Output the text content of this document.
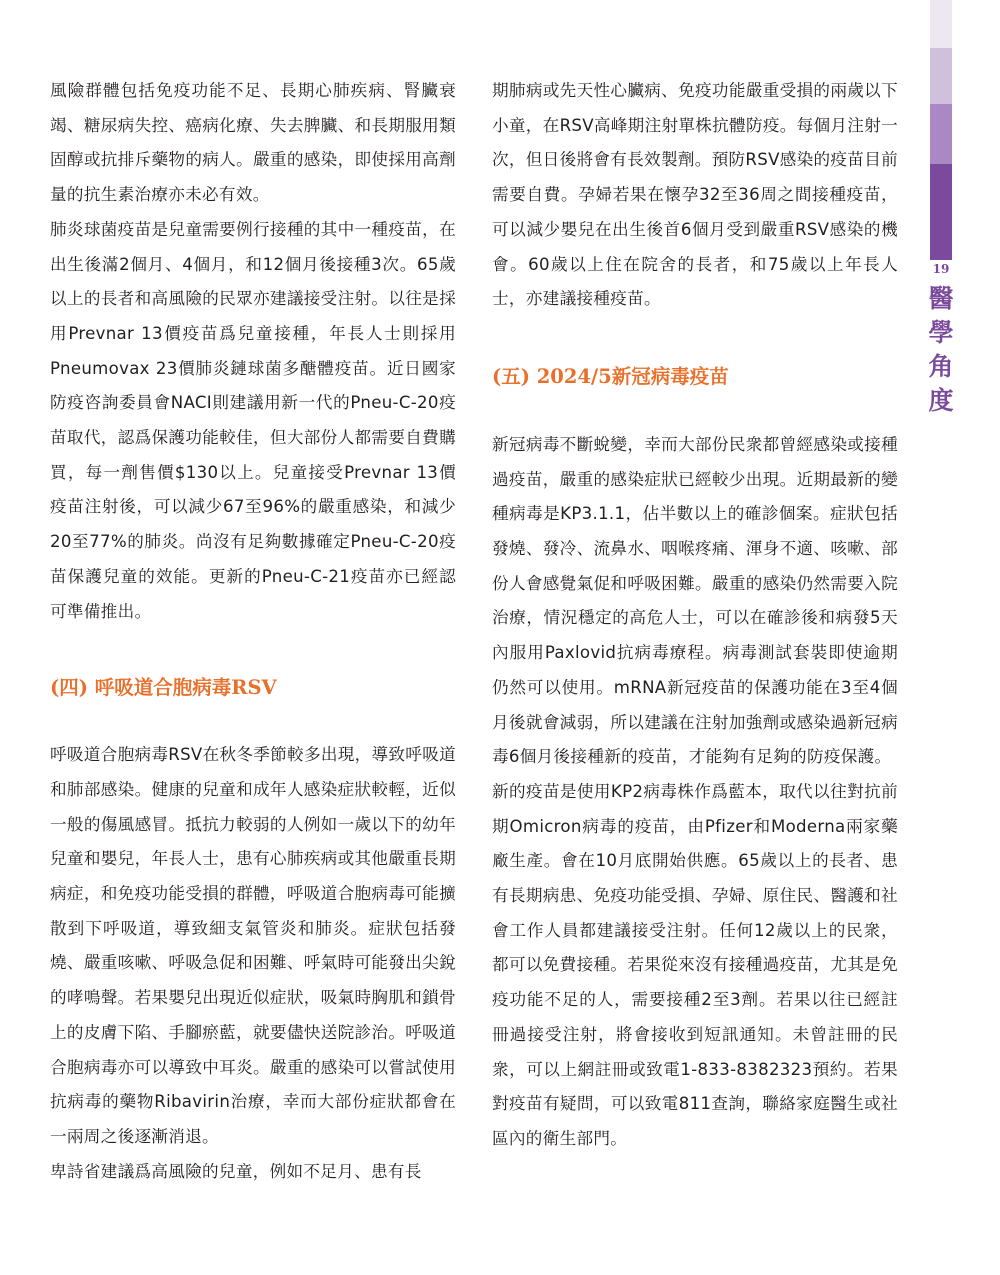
風險群體包括免疫功能不足、長期心肺疾病、腎臟衰竭、糖尿病失控、癌病化療、失去脾臟、和長期服用類固醇或抗排斥藥物的病人。嚴重的感染，即使採用高劑量的抗生素治療亦未必有效。

肺炎球菌疫苗是兒童需要例行接種的其中一種疫苗，在出生後滿2個月、4個月，和12個月後接種3次。65歲以上的長者和高風險的民眾亦建議接受注射。以往是採用Prevnar 13價疫苗爲兒童接種，年長人士則採用Pneumovax 23價肺炎鏈球菌多醣體疫苗。近日國家防疫咨詢委員會NACI則建議用新一代的Pneu-C-20疫苗取代，認爲保護功能較佳，但大部份人都需要自費購買，每一劑售價$130以上。兒童接受Prevnar 13價疫苗注射後，可以減少67至96%的嚴重感染，和減少20至77%的肺炎。尚沒有足夠數據確定Pneu-C-20疫苗保護兒童的效能。更新的Pneu-C-21疫苗亦已經認可準備推出。

(四) 呼吸道合胞病毒RSV

呼吸道合胞病毒RSV在秋冬季節較多出現，導致呼吸道和肺部感染。健康的兒童和成年人感染症狀較輕，近似一般的傷風感冒。抵抗力較弱的人例如一歲以下的幼年兒童和嬰兒，年長人士，患有心肺疾病或其他嚴重長期病症，和免疫功能受損的群體，呼吸道合胞病毒可能擴散到下呼吸道，導致細支氣管炎和肺炎。症狀包括發燒、嚴重咳嗽、呼吸急促和困難、呼氣時可能發出尖銳的哮鳴聲。若果嬰兒出現近似症狀，吸氣時胸肌和鎖骨上的皮膚下陷、手腳瘀藍，就要儘快送院診治。呼吸道合胞病毒亦可以導致中耳炎。嚴重的感染可以嘗試使用抗病毒的藥物Ribavirin治療，幸而大部份症狀都會在一兩周之後逐漸消退。

卑詩省建議爲高風險的兒童，例如不足月、患有長

期肺病或先天性心臟病、免疫功能嚴重受損的兩歲以下小童，在RSV高峰期注射單株抗體防疫。每個月注射一次，但日後將會有長效製劑。預防RSV感染的疫苗目前需要自費。孕婦若果在懷孕32至36周之間接種疫苗，可以減少嬰兒在出生後首6個月受到嚴重RSV感染的機會。60歲以上住在院舍的長者，和75歲以上年長人士，亦建議接種疫苗。

(五) 2024/5新冠病毒疫苗

新冠病毒不斷蛻變，幸而大部份民衆都曾經感染或接種過疫苗，嚴重的感染症狀已經較少出現。近期最新的變種病毒是KP3.1.1，佔半數以上的確診個案。症狀包括發燒、發冷、流鼻水、咽喉疼痛、渾身不適、咳嗽、部份人會感覺氣促和呼吸困難。嚴重的感染仍然需要入院治療，情況穩定的高危人士，可以在確診後和病發5天內服用Paxlovid抗病毒療程。病毒測試套裝即使逾期仍然可以使用。mRNA新冠疫苗的保護功能在3至4個月後就會減弱，所以建議在注射加強劑或感染過新冠病毒6個月後接種新的疫苗，才能夠有足夠的防疫保護。

新的疫苗是使用KP2病毒株作爲藍本，取代以往對抗前期Omicron病毒的疫苗，由Pfizer和Moderna兩家藥廠生產。會在10月底開始供應。65歲以上的長者、患有長期病患、免疫功能受損、孕婦、原住民、醫護和社會工作人員都建議接受注射。任何12歲以上的民衆，都可以免費接種。若果從來沒有接種過疫苗，尤其是免疫功能不足的人，需要接種2至3劑。若果以往已經註冊過接受注射，將會接收到短訊通知。未曾註冊的民衆，可以上網註冊或致電1-833-8382323預約。若果對疫苗有疑問，可以致電811查詢，聯絡家庭醫生或社區內的衛生部門。

19
醫
學
角
度
